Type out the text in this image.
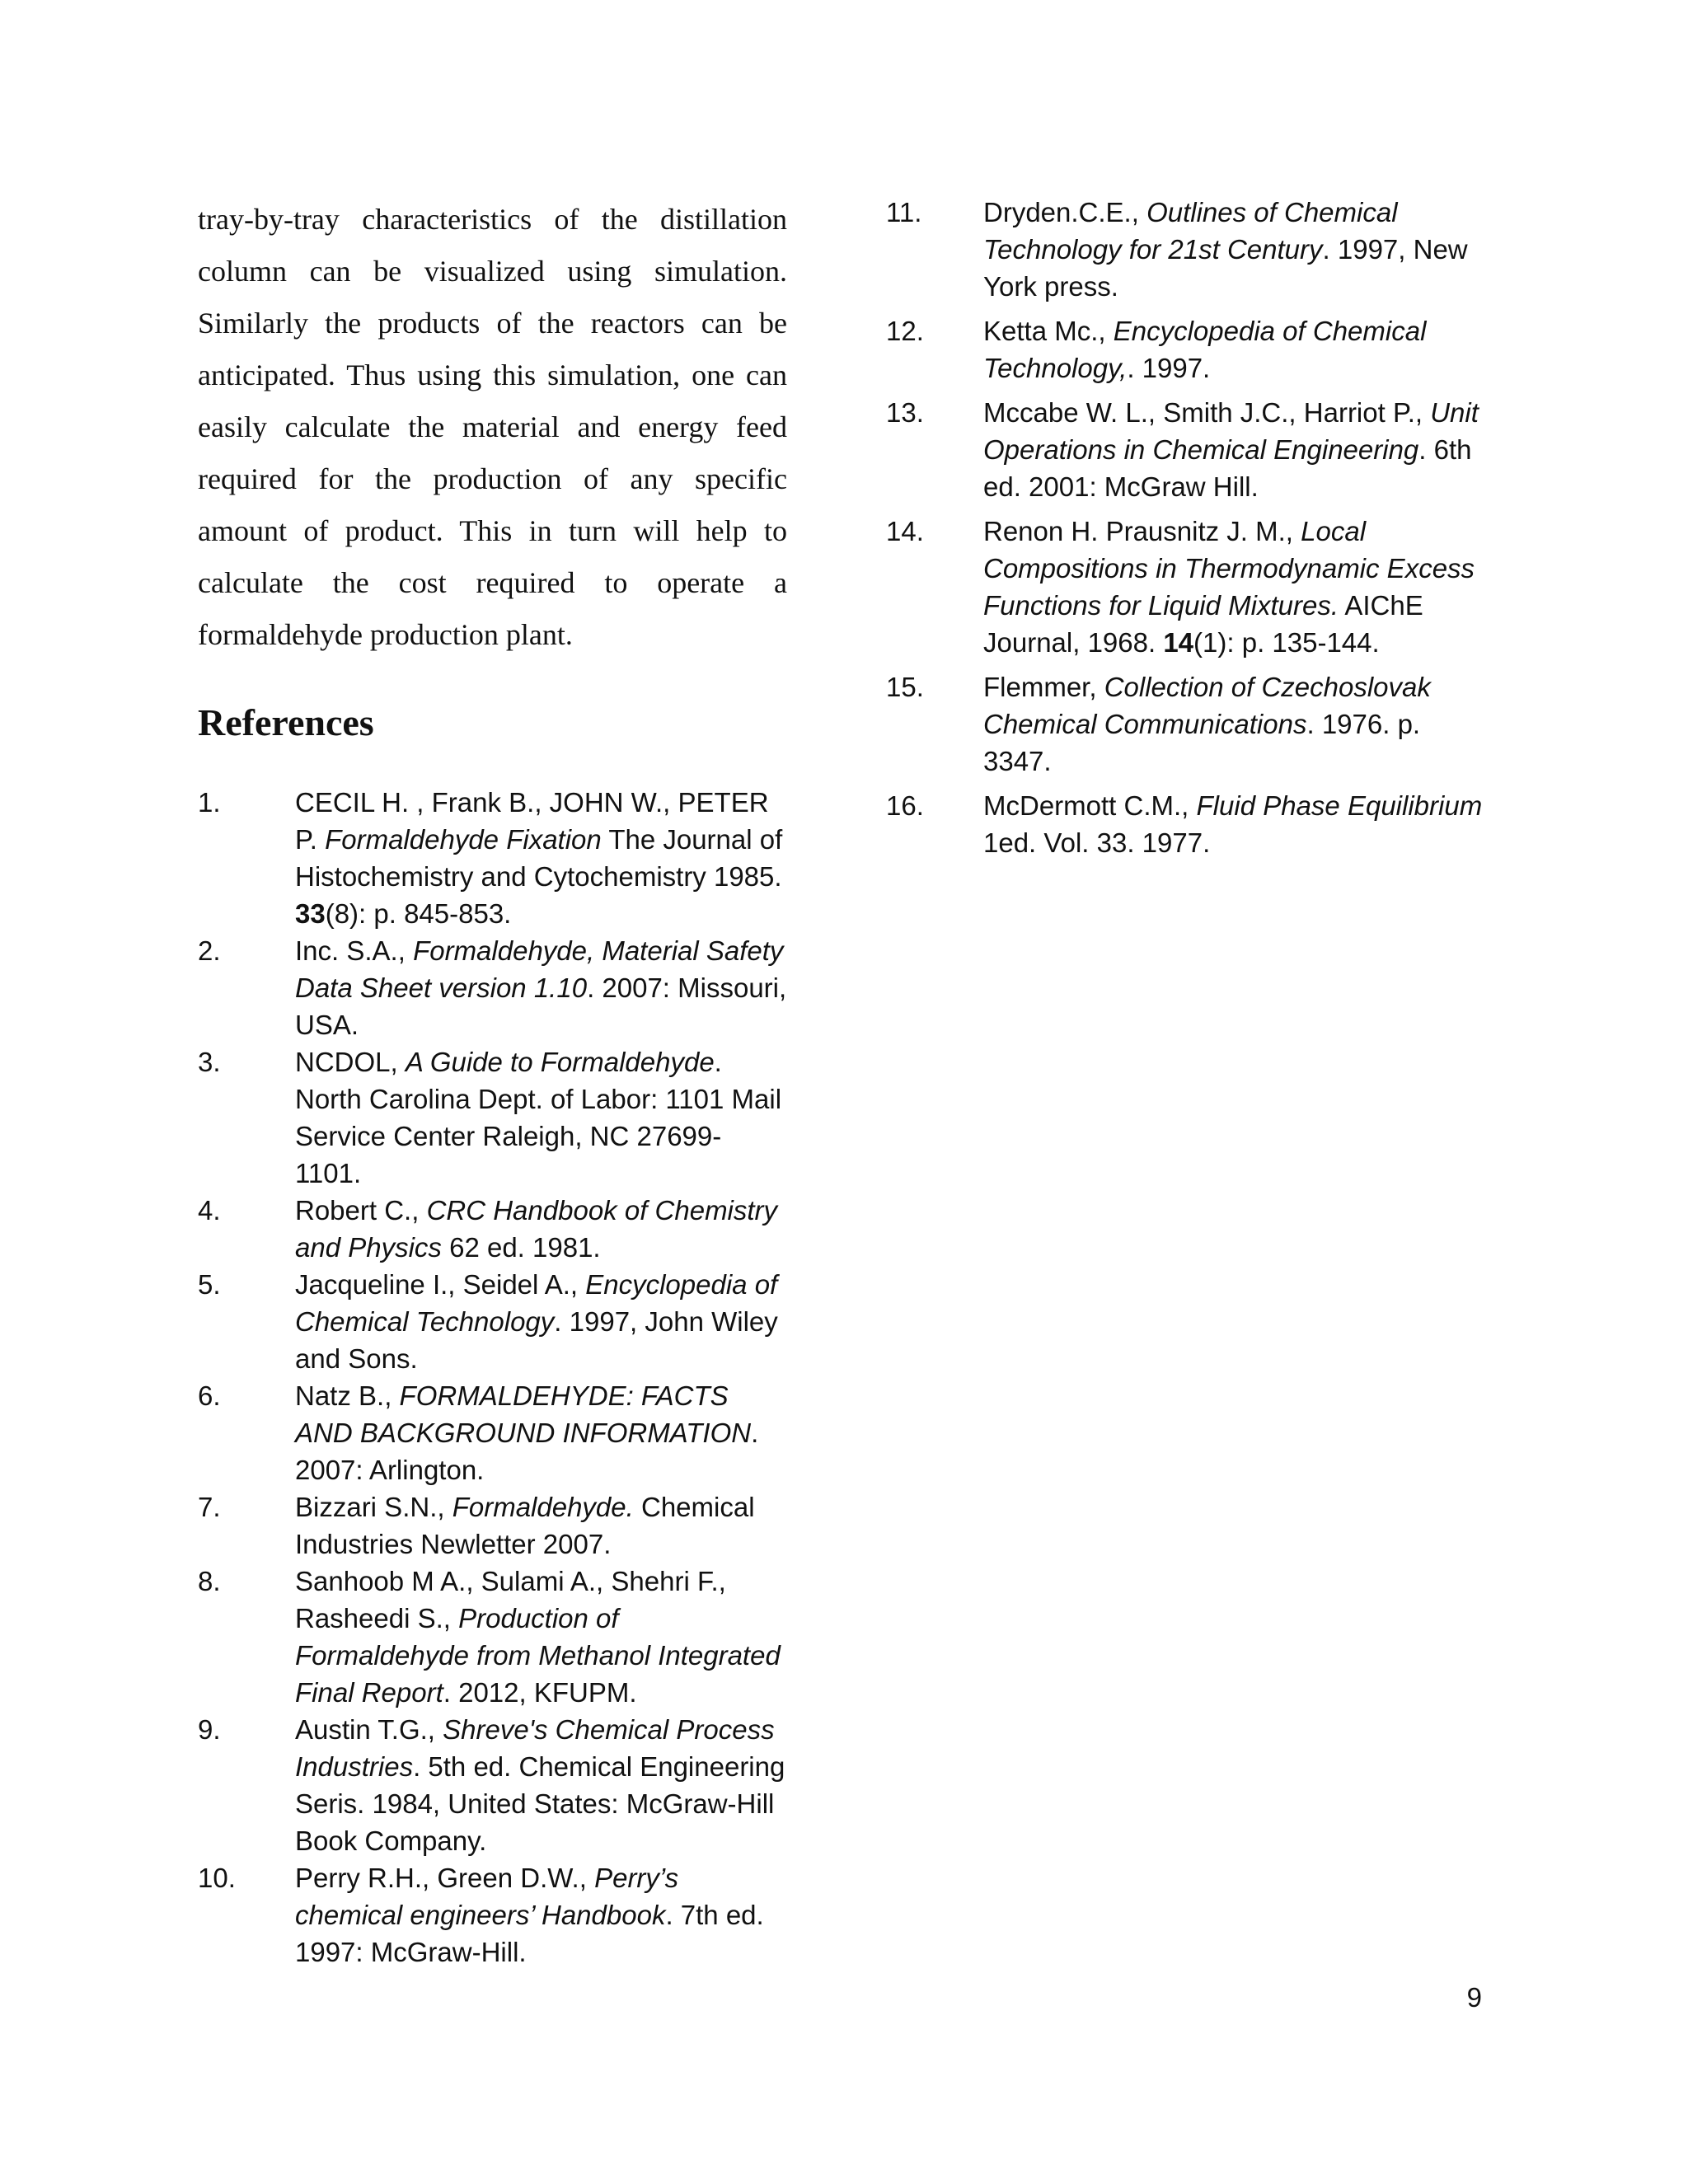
tray-by-tray characteristics of the distillation column can be visualized using simulation. Similarly the products of the reactors can be anticipated. Thus using this simulation, one can easily calculate the material and energy feed required for the production of any specific amount of product. This in turn will help to calculate the cost required to operate a formaldehyde production plant.

References
1.	CECIL H. , Frank B., JOHN W., PETER P. Formaldehyde Fixation The Journal of Histochemistry and Cytochemistry 1985. 33(8): p. 845-853.
2.	Inc. S.A., Formaldehyde, Material Safety Data Sheet version 1.10. 2007: Missouri, USA.
3.	NCDOL, A Guide to Formaldehyde. North Carolina Dept. of Labor: 1101 Mail Service Center Raleigh, NC 27699-1101.
4.	Robert C., CRC Handbook of Chemistry and Physics 62 ed. 1981.
5.	Jacqueline I., Seidel A., Encyclopedia of Chemical Technology. 1997, John Wiley and Sons.
6.	Natz B., FORMALDEHYDE: FACTS AND BACKGROUND INFORMATION. 2007: Arlington.
7.	Bizzari S.N., Formaldehyde. Chemical Industries Newletter 2007.
8.	Sanhoob M A., Sulami A., Shehri F., Rasheedi S., Production of Formaldehyde from Methanol Integrated Final Report. 2012, KFUPM.
9.	Austin T.G., Shreve's Chemical Process Industries. 5th ed. Chemical Engineering Seris. 1984, United States: McGraw-Hill Book Company.
10.	Perry R.H., Green D.W., Perry’s chemical engineers’ Handbook. 7th ed. 1997: McGraw-Hill.
11.	Dryden.C.E., Outlines of Chemical Technology for 21st Century. 1997, New York press.
12.	Ketta Mc., Encyclopedia of Chemical Technology,. 1997.
13.	Mccabe W. L., Smith J.C., Harriot P., Unit Operations in Chemical Engineering. 6th ed. 2001: McGraw Hill.
14.	Renon H. Prausnitz J. M., Local Compositions in Thermodynamic Excess Functions for Liquid Mixtures. AIChE Journal, 1968. 14(1): p. 135-144.
15.	Flemmer, Collection of Czechoslovak Chemical Communications. 1976. p. 3347.
16.	McDermott C.M., Fluid Phase Equilibrium 1ed. Vol. 33. 1977.
9
